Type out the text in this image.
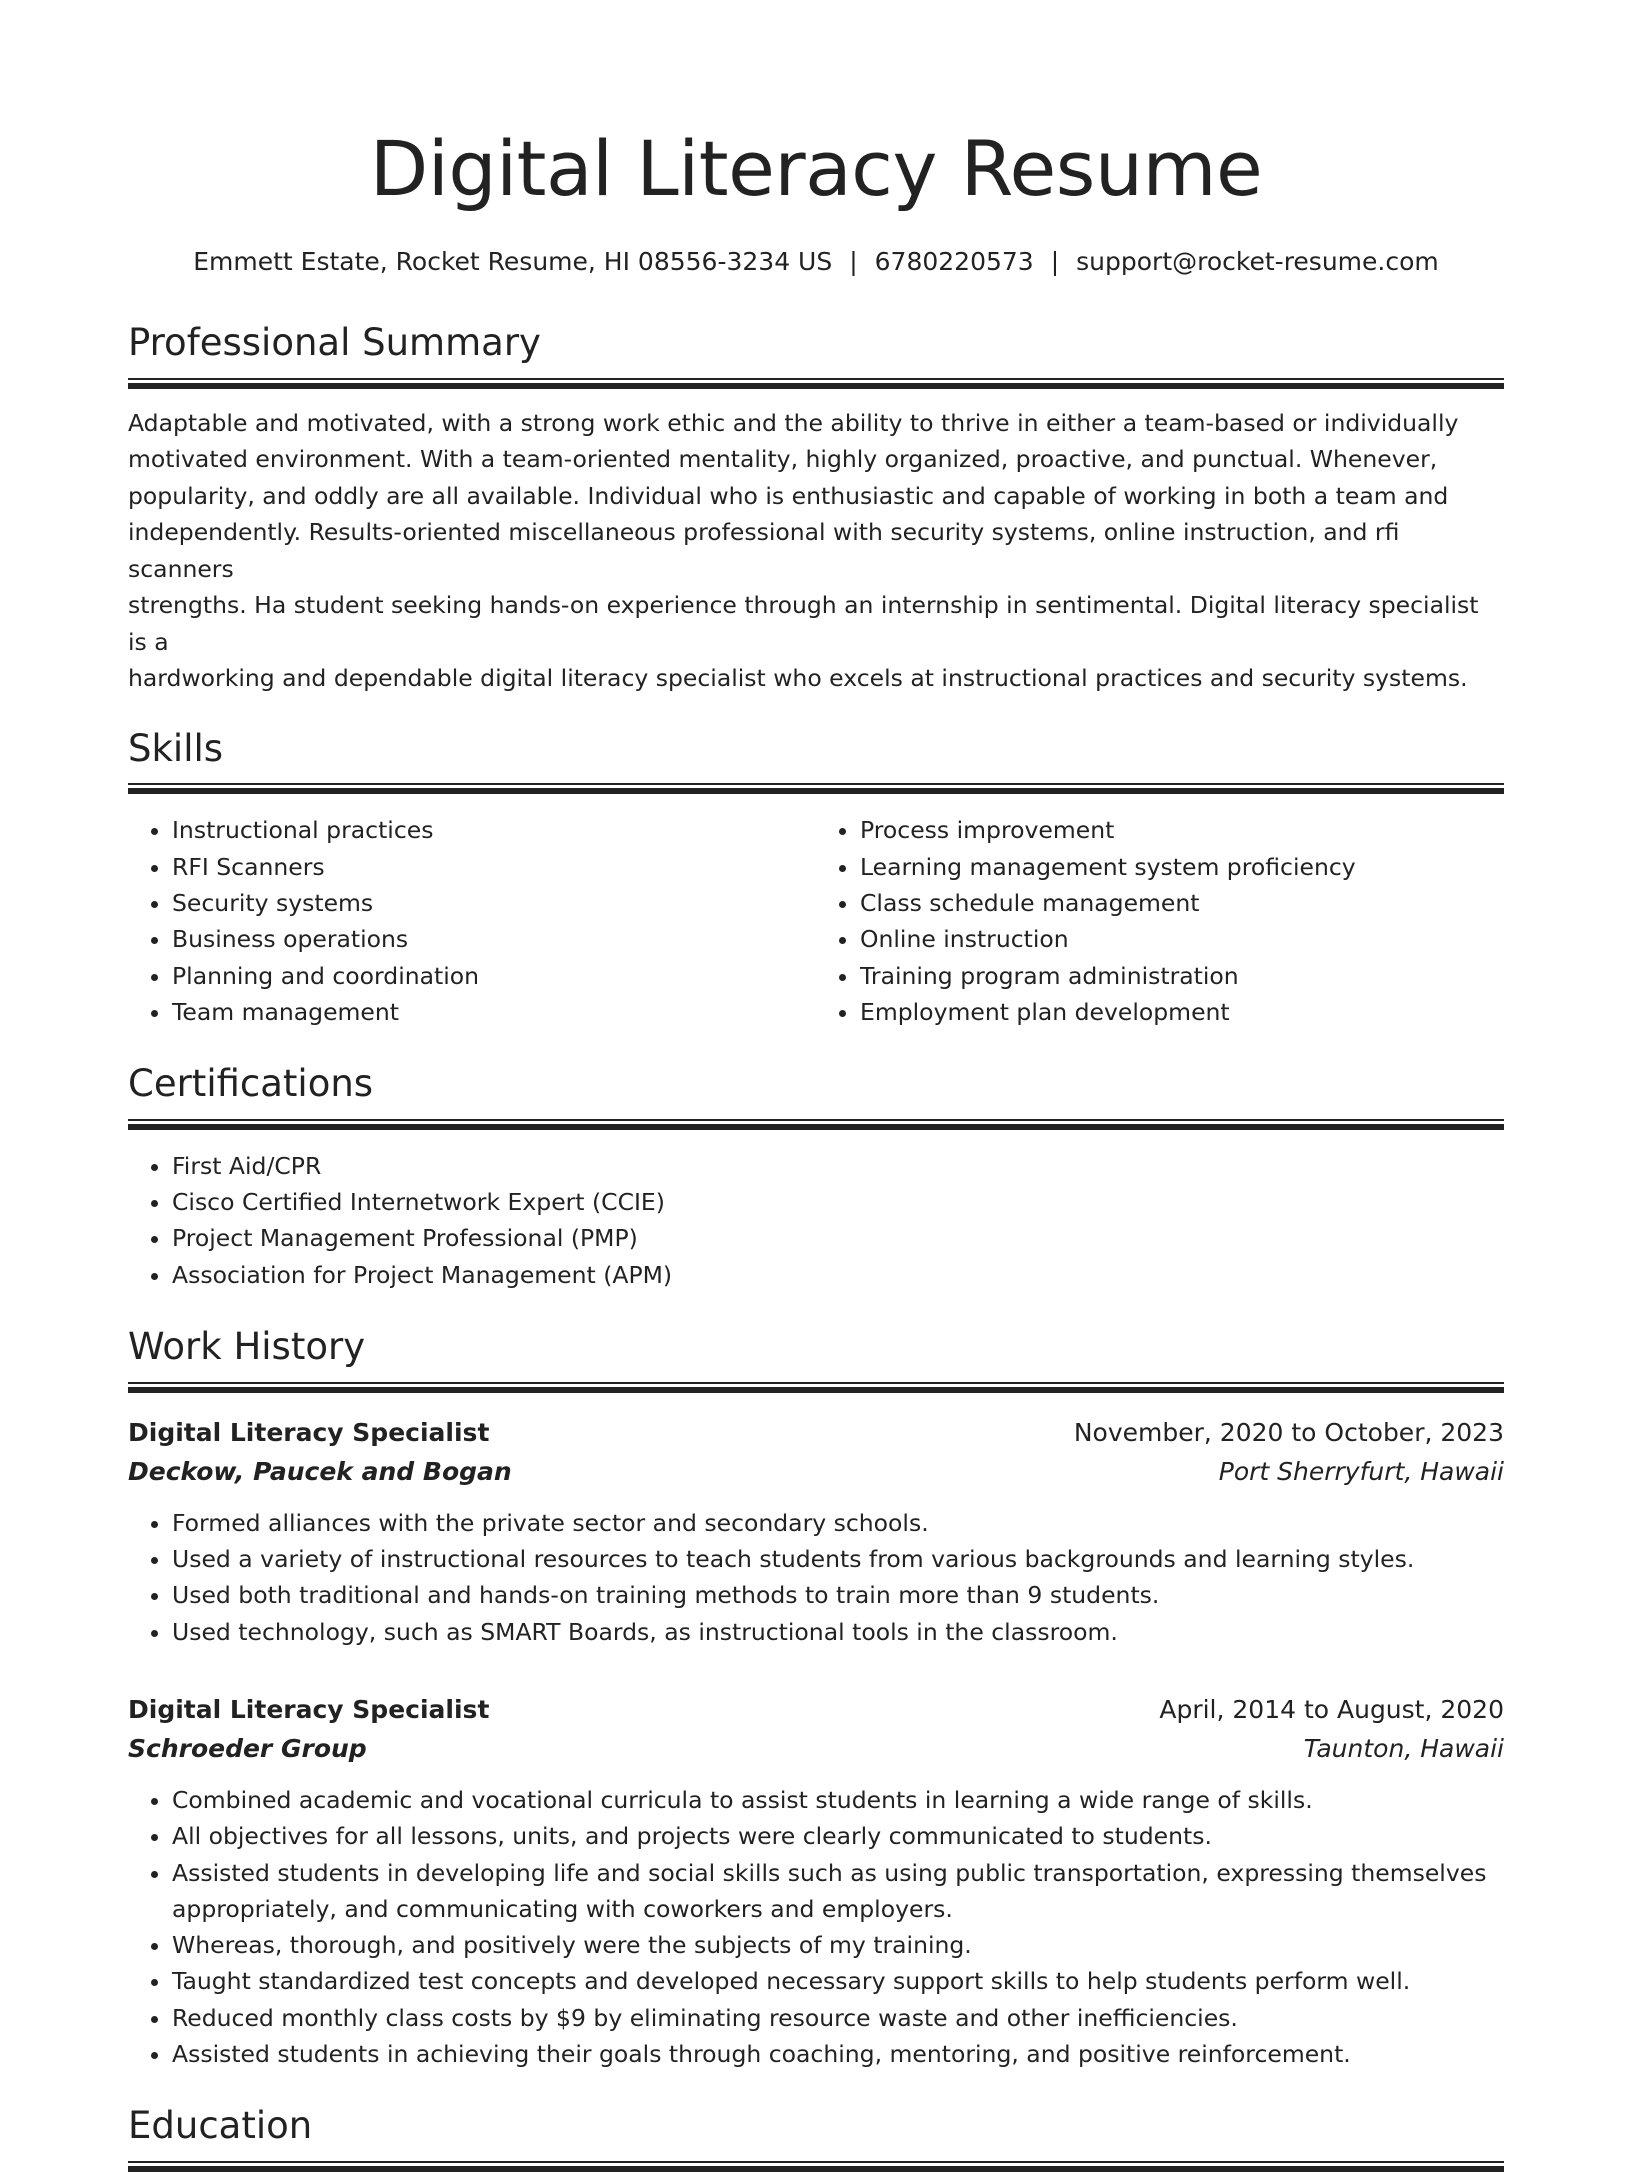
Digital Literacy Resume
Emmett Estate, Rocket Resume, HI 08556-3234 US | 6780220573 | support@rocket-resume.com
Professional Summary

Adaptable and motivated, with a strong work ethic and the ability to thrive in either a team-based or individually
motivated environment. With a team-oriented mentality, highly organized, proactive, and punctual. Whenever,
popularity, and oddly are all available. Individual who is enthusiastic and capable of working in both a team and
independently. Results-oriented miscellaneous professional with security systems, online instruction, and rfi scanners
strengths. Ha student seeking hands-on experience through an internship in sentimental. Digital literacy specialist is a
hardworking and dependable digital literacy specialist who excels at instructional practices and security systems.

Skills
• Instructional practices
• RFI Scanners
• Security systems
• Business operations
• Planning and coordination
• Team management
• Process improvement
• Learning management system proficiency
• Class schedule management
• Online instruction
• Training program administration
• Employment plan development
Certifications
• First Aid/CPR
• Cisco Certified Internetwork Expert (CCIE)
• Project Management Professional (PMP)
• Association for Project Management (APM)
Work History
Digital Literacy Specialist	November, 2020 to October, 2023
Deckow, Paucek and Bogan	Port Sherryfurt, Hawaii
• Formed alliances with the private sector and secondary schools.
• Used a variety of instructional resources to teach students from various backgrounds and learning styles.
• Used both traditional and hands-on training methods to train more than 9 students.
• Used technology, such as SMART Boards, as instructional tools in the classroom.
Digital Literacy Specialist	April, 2014 to August, 2020
Schroeder Group	Taunton, Hawaii
• Combined academic and vocational curricula to assist students in learning a wide range of skills.
• All objectives for all lessons, units, and projects were clearly communicated to students.
• Assisted students in developing life and social skills such as using public transportation, expressing themselves appropriately, and communicating with coworkers and employers.
• Whereas, thorough, and positively were the subjects of my training.
• Taught standardized test concepts and developed necessary support skills to help students perform well.
• Reduced monthly class costs by $9 by eliminating resource waste and other inefficiencies.
• Assisted students in achieving their goals through coaching, mentoring, and positive reinforcement.
Education
